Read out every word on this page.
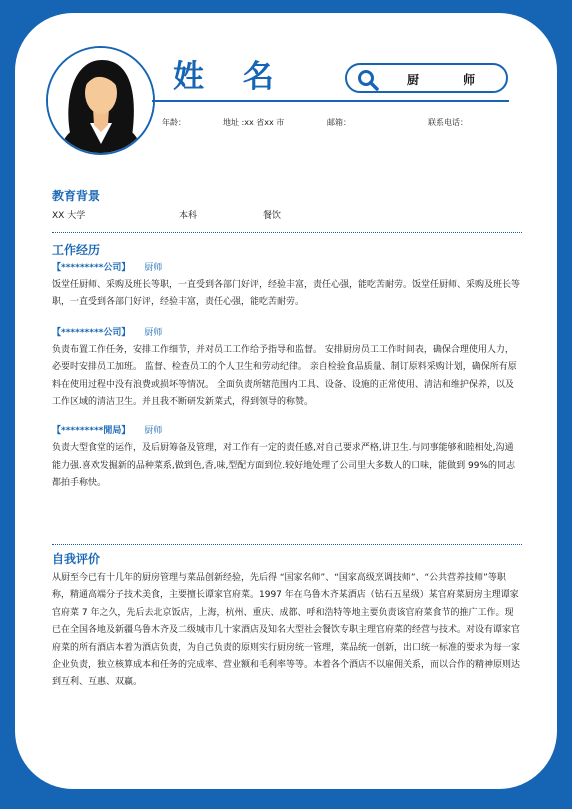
姓 名	厨 师
年龄：	地址 :xx 省xx 市	邮箱：	联系电话：
教育背景
XX 大学	本科	餐饮
工作经历
【*********公司】 厨师

饭堂任厨师、采购及班长等职，一直受到各部门好评，经验丰富，责任心强，能吃苦耐劳。饭堂任厨师、采购及班长等职，一直受到各部门好评，经验丰富，责任心强，能吃苦耐劳。

【*********公司】 厨师

负责布置工作任务，安排工作细节，并对员工工作给予指导和监督。 安排厨房员工工作时间表，确保合理使用人力，必要时安排员工加班。 监督、检查员工的个人卫生和劳动纪律。 亲自检验食品质量、制订原料采购计划，确保所有原料在使用过程中没有浪费或损坏等情况。 全面负责所辖范围内工具、设备、设施的正常使用、清洁和维护保养，以及工作区域的清洁卫生。并且我不断研发新菜式，得到领导的称赞。

【*********閒局】 厨师

负责大型食堂的运作，及后厨筹备及管理，对工作有一定的责任感,对自己要求严格,讲卫生.与同事能够和睦相处,沟通能力强.喜欢发掘新的品种菜系,做到色,香,味,型配方面到位.较好地处理了公司里大多数人的口味，能做到 99%的同志都拍手称快。

自我评价

从厨至今已有十几年的厨房管理与菜品创新经验，先后得 “国家名师”、“国家高级烹调技师”、“公共营养技师”等职称，精通高端分子技术美食，主要擅长谭家官府菜。1997 年在乌鲁木齐某酒店（钻石五星级）某官府菜厨房主理谭家官府菜 7 年之久，先后去北京饭店，上海，杭州、重庆、成都、呼和浩特等地主要负责该官府菜食节的推广工作。现已在全国各地及新疆乌鲁木齐及二级城市几十家酒店及知名大型社会餐饮专职主理官府菜的经营与技术。对设有谭家官府菜的所有酒店本着为酒店负责，为自己负责的原则实行厨房统一管理，菜品统一创新，出口统一标准的要求为每一家企业负责，独立核算成本和任务的完成率、营业额和毛利率等等。本着各个酒店不以雇佣关系，而以合作的精神原则达到互利、互惠、双赢。
